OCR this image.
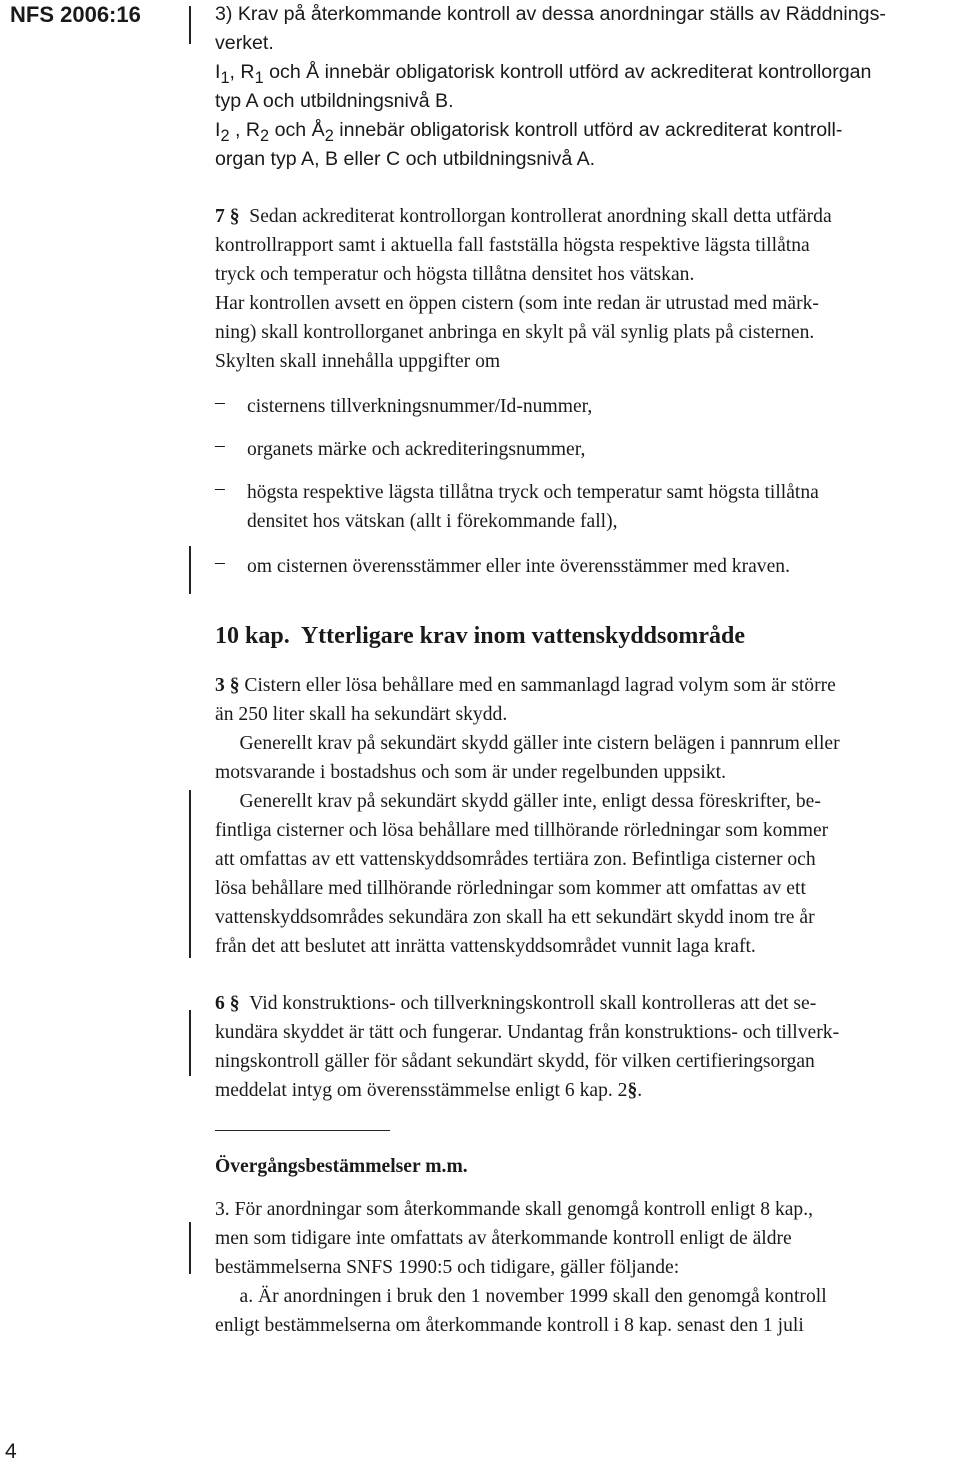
NFS 2006:16	3) Krav på återkommande kontroll av dessa anordningar ställs av Räddnings-
verket.
$I_1$, $R_1$ och Å innebär obligatorisk kontroll utförd av ackrediterat kontrollorgan
typ A och utbildningsnivå B.
$I_2$ , $R_2$ och $Å_2$ innebär obligatorisk kontroll utförd av ackrediterat kontroll-
organ typ A, B eller C och utbildningsnivå A.
7 § Sedan ackrediterat kontrollorgan kontrollerat anordning skall detta utfärda
kontrollrapport samt i aktuella fall fastställa högsta respektive lägsta tillåtna
tryck och temperatur och högsta tillåtna densitet hos vätskan.
Har kontrollen avsett en öppen cistern (som inte redan är utrustad med märk-
ning) skall kontrollorganet anbringa en skylt på väl synlig plats på cisternen.
Skylten skall innehålla uppgifter om
– cisternens tillverkningsnummer/Id-nummer,
– organets märke och ackrediteringsnummer,
– högsta respektive lägsta tillåtna tryck och temperatur samt högsta tillåtna
densitet hos vätskan (allt i förekommande fall),
– om cisternen överensstämmer eller inte överensstämmer med kraven.
10 kap. Ytterligare krav inom vattenskyddsområde
3 § Cistern eller lösa behållare med en sammanlagd lagrad volym som är större
än 250 liter skall ha sekundärt skydd.
Generellt krav på sekundärt skydd gäller inte cistern belägen i pannrum eller
motsvarande i bostadshus och som är under regelbunden uppsikt.
Generellt krav på sekundärt skydd gäller inte, enligt dessa föreskrifter, be-
fintliga cisterner och lösa behållare med tillhörande rörledningar som kommer
att omfattas av ett vattenskyddsområdes tertiära zon. Befintliga cisterner och
lösa behållare med tillhörande rörledningar som kommer att omfattas av ett
vattenskyddsområdes sekundära zon skall ha ett sekundärt skydd inom tre år
från det att beslutet att inrätta vattenskyddsområdet vunnit laga kraft.
6 § Vid konstruktions- och tillverkningskontroll skall kontrolleras att det se-
kundära skyddet är tätt och fungerar. Undantag från konstruktions- och tillverk-
ningskontroll gäller för sådant sekundärt skydd, för vilken certifieringsorgan
meddelat intyg om överensstämmelse enligt 6 kap. 2§.
Övergångsbestämmelser m.m.
3. För anordningar som återkommande skall genomgå kontroll enligt 8 kap.,
men som tidigare inte omfattats av återkommande kontroll enligt de äldre
bestämmelserna SNFS 1990:5 och tidigare, gäller följande:
a. Är anordningen i bruk den 1 november 1999 skall den genomgå kontroll
enligt bestämmelserna om återkommande kontroll i 8 kap. senast den 1 juli
4
